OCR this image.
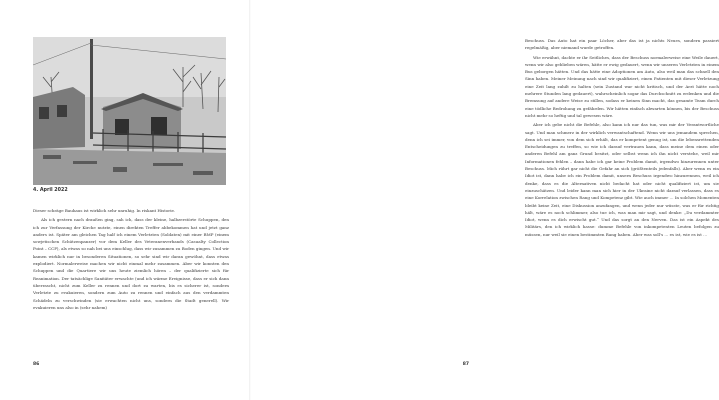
4. April 2022

Dieser schräge Bauhaus ist wirklich sehr unruhig. In riskant Historie.

Als ich gestern nach draußen ging, sah ich, dass der kleine, halbzerstörte Schuppen, den ich zur Verfassung der Kirche nutzte, einen direkten Treffer abbekommen hat und jetzt ganz anders ist. Später am gleichen Tag half ich einem Verletzten (Soldaten) mit einer BMP (einem sowjetischen Schützenpanzer) vor dem Keller des Veteranenverbands (Casualty Collection Point – CCP), als etwas so nah bei uns einschlug, dass wir zusammen zu Boden gingen. Und wir kamen wirklich nur in besonderen Situationen, so sehr sind wir daran gewöhnt, dass etwas explodiert. Normalerweise machen wir nicht einmal mehr zusammen. Aber wir konnten den Schuppen und die Quartiere wir uns heute ziemlich hören – der qualifizierte sich für Reanimation. Der tatsächlige Sanitäter erwachte (und ich wärme Ereignisse, dass er sich dann überrascht, nicht zum Keller zu rennen und dort zu warten, bis es sicherer ist, sondern Verletzte zu evakuieren, sondern zum Auto zu rennen und einfach aus den verdammten Schädeln zu verschwinden (sie erwachten nicht uns, sondern die Stadt generell). Wir evakuieren uns also in (sehr nahem)

86

Beschuss. Das Auto hat ein paar Löcher, aber das ist ja nichts Neues, sondern passiert regelmäßig, aber niemand wurde getroffen.

Wie erwähnt, dachte er ihr Seitliches, dass der Beschuss normalerweise eine Weile dauert, wenn wir also geblieben wären, hätte er ewig gedauert, wenn wir unseren Verletzten in einem Bus geborgen hätten. Und das hätte eine Adoptionen am Auto, also weil man das schnell den Sinn haben. Meiner Meinung nach sind wir qualifiziert, einen Patienten mit dieser Verletzung eine Zeit lang zuhilt zu halten (sein Zustand war nicht kritisch, und der Arzt hätte noch mehrere Stunden lang gedauert), wahrscheinlich sogar das Durchschnitt zu erdenken und die Bremsung auf andere Weise zu stillen, sodass er keinen Sinn macht, das gesamte Team durch eine tödliche Bedrohung zu gefährden. Wir hätten einfach abwarten können, bis der Beschuss nicht mehr so heftig und tal gewesen wäre.

Aber ich gebe nicht die Befehle, also kann ich nur das tun, was mir der Verantwortliche sagt. Und man schmerz in der wirklich verwantschaftend. Wenn wir uns jemandem sprechen, denn ich sei immer, von dem sich erhält, das er kompetent genug ist, um die lebensrettenden Entscheidungen zu treffen, so wie ich darauf vertrauen kann, dass meine dem einen oder anderen Befehl am ganz Grund besitzt, oder selbst wenn ich ihn nicht verstehe, weil mir Informationen fehlen – dann habe ich gar keine Problem damit, irgendwo hinzurennen unter Beschuss. Mich rührt gar nicht die Gefahr an sich (größtenteils jedenfalls). Aber wenn es ein Idiot ist, dann habe ich ein Problem damit, unsern Beschuss irgendwo hinzurennen, weil ich denke, dass es die Alternativen nicht bedacht hat oder nicht qualifiziert ist, um sie einzuschätzen. Und leider kann man sich hier in der Ukraine nicht darauf verlassen, dass es eine Korrelation zwischen Rang und Kompetenz gibt. Wie auch immer … In solchen Momenten bleibt keine Zeit, eine Diskussion anzufangen, und wenn jeder nur wüsste, was er für richtig hält, wäre es noch schlimmer, also tue ich, was man mir sagt, und denke: „Du verdammter Idiot, wenn es dich erwischt gut.“ Und das sorgt an den Nerven. Das ist ein Aspekt des Militärs, den ich wirklich hasse: dumme Befehle von inkompetenten Leuten befolgen zu müssen, nur weil sie einen bestimmten Rang haben. Aber was soll's … es ist, wie es ist …

87
